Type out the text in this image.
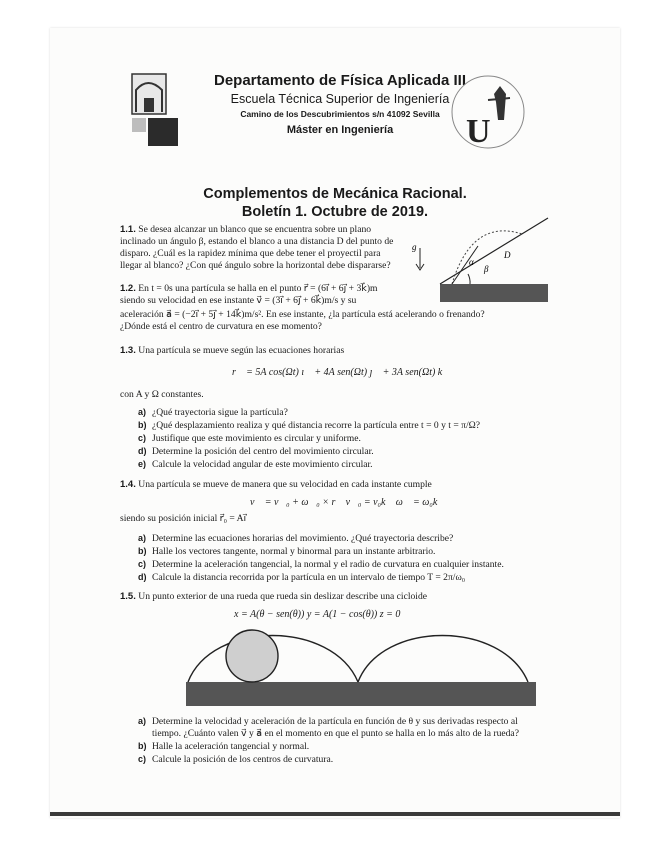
Departamento de Física Aplicada III
Escuela Técnica Superior de Ingeniería
Camino de los Descubrimientos s/n 41092 Sevilla
Máster en Ingeniería	U
Complementos de Mecánica Racional.
Boletín 1. Octubre de 2019.
1.1. Se desea alcanzar un blanco que se encuentra sobre un plano
inclinado un ángulo β, estando el blanco a una distancia D del punto de
disparo. ¿Cuál es la rapidez mínima que debe tener el proyectil para
llegar al blanco? ¿Con qué ángulo sobre la horizontal debe dispararse?	β
α
D
g
1.2. En t = 0s una partícula se halla en el punto r⃗ = (6ı⃗ + 6ȷ⃗ + 3k⃗)m
siendo su velocidad en ese instante v⃗ = (3ı⃗ + 6ȷ⃗ + 6k⃗)m/s y su
aceleración a⃗ = (−2ı⃗ + 5ȷ⃗ + 14k⃗)m/s². En ese instante, ¿la partícula está acelerando o frenando?
¿Dónde está el centro de curvatura en ese momento?
1.3. Una partícula se mueve según las ecuaciones horarias
r⃗ = 5A cos(Ωt) ı⃗ + 4A sen(Ωt) ȷ⃗ + 3A sen(Ωt) k⃗
con A y Ω constantes.
a) ¿Qué trayectoria sigue la partícula?
b) ¿Qué desplazamiento realiza y qué distancia recorre la partícula entre t = 0 y t = π/Ω?
c) Justifique que este movimiento es circular y uniforme.
d) Determine la posición del centro del movimiento circular.
e) Calcule la velocidad angular de este movimiento circular.
1.4. Una partícula se mueve de manera que su velocidad en cada instante cumple
v⃗ = v⃗₀ + ω⃗₀ × r⃗ v⃗₀ = v₀k⃗ ω⃗ = ω₀k⃗
siendo su posición inicial r⃗₀ = Aı⃗
a) Determine las ecuaciones horarias del movimiento. ¿Qué trayectoria describe?
b) Halle los vectores tangente, normal y binormal para un instante arbitrario.
c) Determine la aceleración tangencial, la normal y el radio de curvatura en cualquier instante.
d) Calcule la distancia recorrida por la partícula en un intervalo de tiempo T = 2π/ω₀
1.5. Un punto exterior de una rueda que rueda sin deslizar describe una cicloide
x = A(θ − sen(θ)) y = A(1 − cos(θ)) z = 0
a) Determine la velocidad y aceleración de la partícula en función de θ y sus derivadas respecto al
tiempo. ¿Cuánto valen v⃗ y a⃗ en el momento en que el punto se halla en lo más alto de la rueda?
b) Halle la aceleración tangencial y normal.
c) Calcule la posición de los centros de curvatura.
